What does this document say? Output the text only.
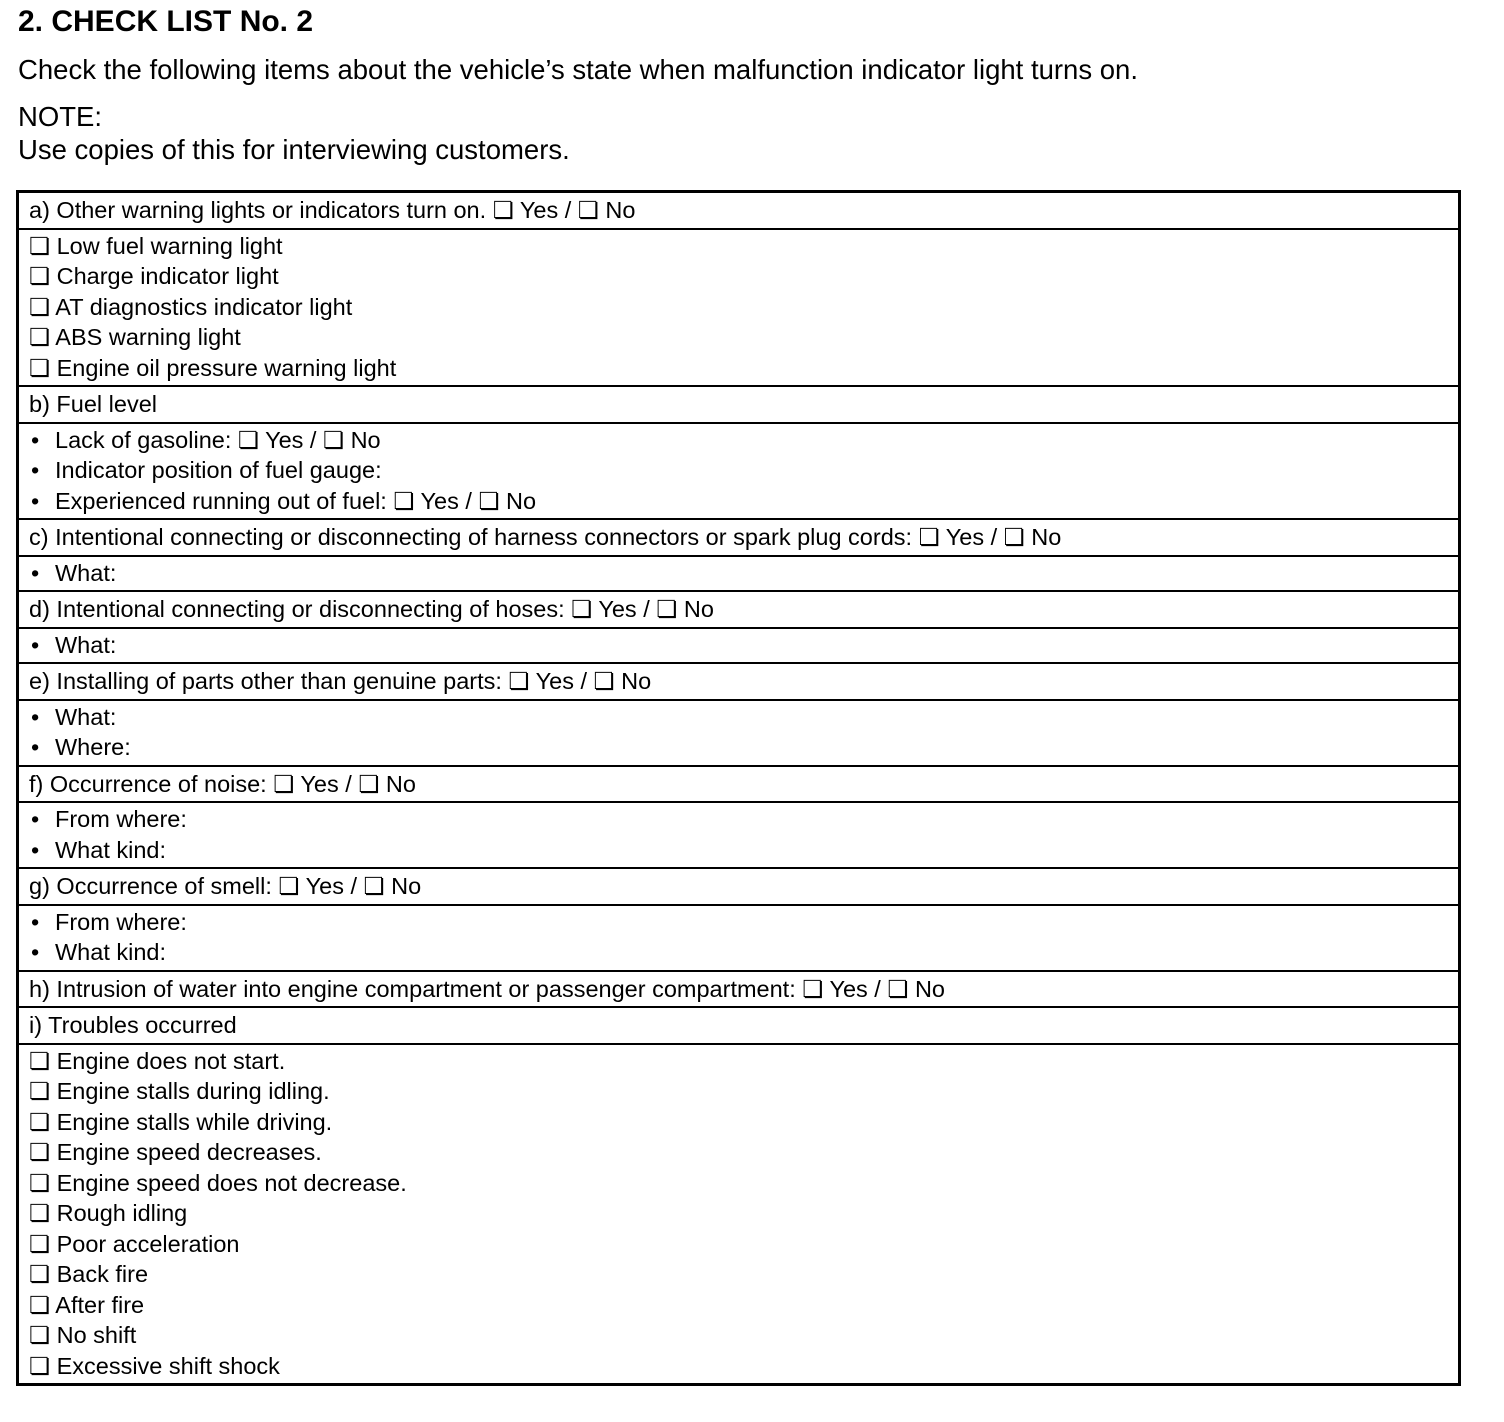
2. CHECK LIST No. 2
Check the following items about the vehicle’s state when malfunction indicator light turns on.
NOTE:
Use copies of this for interviewing customers.
a) Other warning lights or indicators turn on. ❏ Yes / ❏ No
❏ Low fuel warning light
❏ Charge indicator light
❏ AT diagnostics indicator light
❏ ABS warning light
❏ Engine oil pressure warning light
b) Fuel level
• Lack of gasoline: ❏ Yes / ❏ No
• Indicator position of fuel gauge:
• Experienced running out of fuel: ❏ Yes / ❏ No
c) Intentional connecting or disconnecting of harness connectors or spark plug cords: ❏ Yes / ❏ No
• What:
d) Intentional connecting or disconnecting of hoses: ❏ Yes / ❏ No
• What:
e) Installing of parts other than genuine parts: ❏ Yes / ❏ No
• What:
• Where:
f) Occurrence of noise: ❏ Yes / ❏ No
• From where:
• What kind:
g) Occurrence of smell: ❏ Yes / ❏ No
• From where:
• What kind:
h) Intrusion of water into engine compartment or passenger compartment: ❏ Yes / ❏ No
i) Troubles occurred
❏ Engine does not start.
❏ Engine stalls during idling.
❏ Engine stalls while driving.
❏ Engine speed decreases.
❏ Engine speed does not decrease.
❏ Rough idling
❏ Poor acceleration
❏ Back fire
❏ After fire
❏ No shift
❏ Excessive shift shock
